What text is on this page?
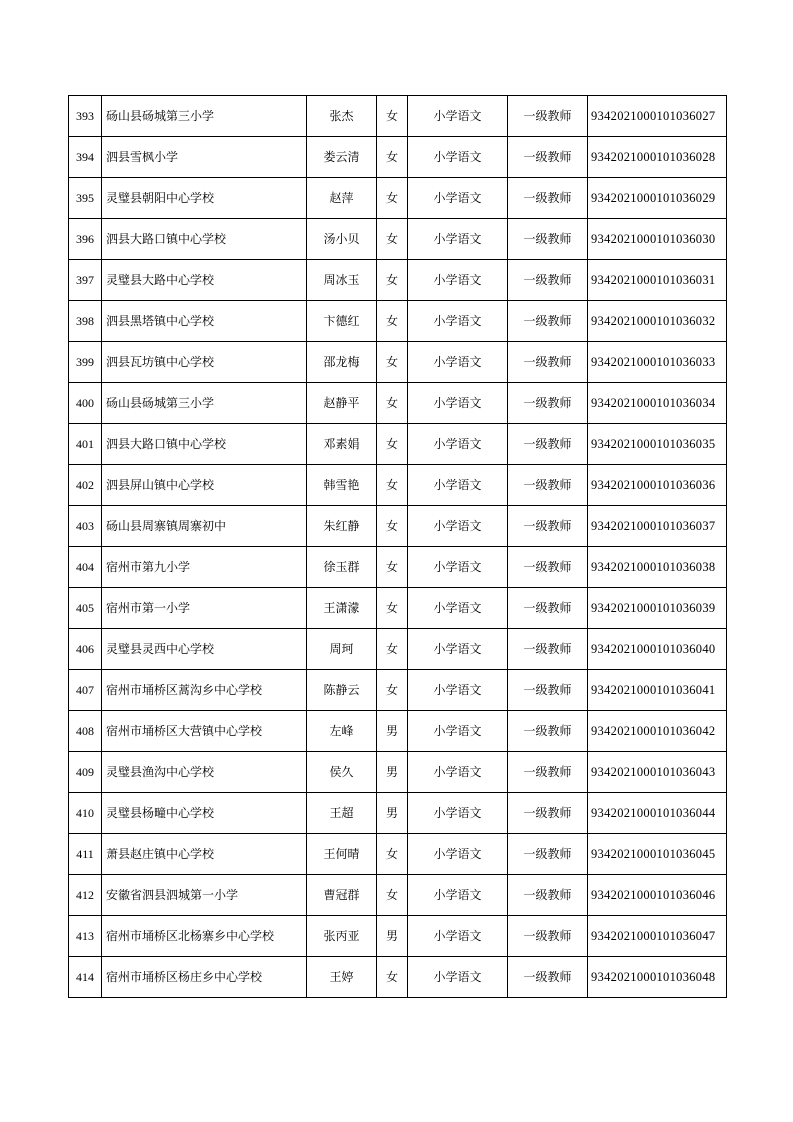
393	砀山县砀城第三小学	张杰	女	小学语文	一级教师	9342021000101036027
394	泗县雪枫小学	娄云清	女	小学语文	一级教师	9342021000101036028
395	灵璧县朝阳中心学校	赵萍	女	小学语文	一级教师	9342021000101036029
396	泗县大路口镇中心学校	汤小贝	女	小学语文	一级教师	9342021000101036030
397	灵璧县大路中心学校	周冰玉	女	小学语文	一级教师	9342021000101036031
398	泗县黑塔镇中心学校	卞德红	女	小学语文	一级教师	9342021000101036032
399	泗县瓦坊镇中心学校	邵龙梅	女	小学语文	一级教师	9342021000101036033
400	砀山县砀城第三小学	赵静平	女	小学语文	一级教师	9342021000101036034
401	泗县大路口镇中心学校	邓素娟	女	小学语文	一级教师	9342021000101036035
402	泗县屏山镇中心学校	韩雪艳	女	小学语文	一级教师	9342021000101036036
403	砀山县周寨镇周寨初中	朱红静	女	小学语文	一级教师	9342021000101036037
404	宿州市第九小学	徐玉群	女	小学语文	一级教师	9342021000101036038
405	宿州市第一小学	王潇濛	女	小学语文	一级教师	9342021000101036039
406	灵璧县灵西中心学校	周珂	女	小学语文	一级教师	9342021000101036040
407	宿州市埇桥区蒿沟乡中心学校	陈静云	女	小学语文	一级教师	9342021000101036041
408	宿州市埇桥区大营镇中心学校	左峰	男	小学语文	一级教师	9342021000101036042
409	灵璧县渔沟中心学校	侯久	男	小学语文	一级教师	9342021000101036043
410	灵璧县杨疃中心学校	王超	男	小学语文	一级教师	9342021000101036044
411	萧县赵庄镇中心学校	王何晴	女	小学语文	一级教师	9342021000101036045
412	安徽省泗县泗城第一小学	曹冠群	女	小学语文	一级教师	9342021000101036046
413	宿州市埇桥区北杨寨乡中心学校	张丙亚	男	小学语文	一级教师	9342021000101036047
414	宿州市埇桥区杨庄乡中心学校	王婷	女	小学语文	一级教师	9342021000101036048
